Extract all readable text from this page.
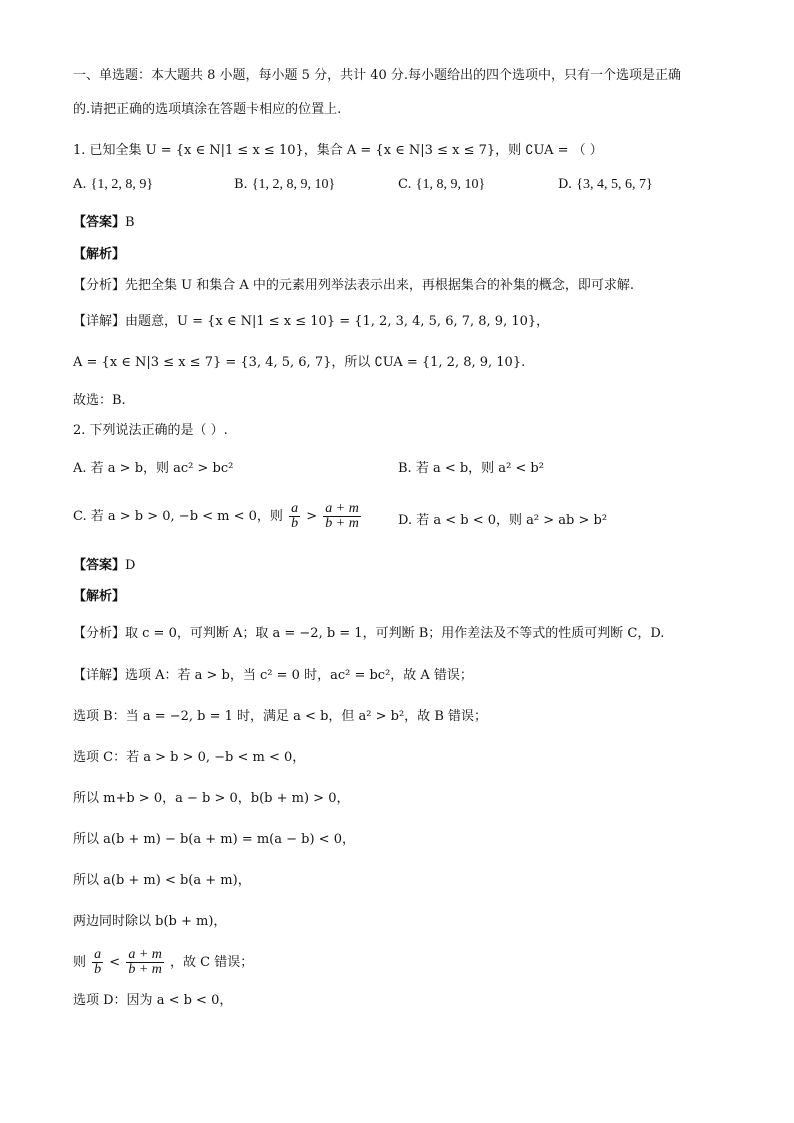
一、单选题：本大题共 8 小题，每小题 5 分，共计 40 分.每小题给出的四个选项中，只有一个选项是正确
的.请把正确的选项填涂在答题卡相应的位置上.
1. 已知全集 U = {x ∈ N|1 ≤ x ≤ 10}，集合 A = {x ∈ N|3 ≤ x ≤ 7}，则 ∁UA = （ ）
A. {1, 2, 8, 9}	B. {1, 2, 8, 9, 10}	C. {1, 8, 9, 10}	D. {3, 4, 5, 6, 7}
【答案】B
【解析】
【分析】先把全集 U 和集合 A 中的元素用列举法表示出来，再根据集合的补集的概念，即可求解.
【详解】由题意，U = {x ∈ N|1 ≤ x ≤ 10} = {1, 2, 3, 4, 5, 6, 7, 8, 9, 10}，
A = {x ∈ N|3 ≤ x ≤ 7} = {3, 4, 5, 6, 7}，所以 ∁UA = {1, 2, 8, 9, 10}.
故选：B.
2. 下列说法正确的是（ ）.
A. 若 a > b，则 ac² > bc²	B. 若 a < b，则 a² < b²
C. 若 a > b > 0, −b < m < 0，则 $\frac{a}{b} > \frac{a + m}{b + m}$	D. 若 a < b < 0，则 a² > ab > b²
【答案】D
【解析】
【分析】取 c = 0，可判断 A；取 a = −2, b = 1，可判断 B；用作差法及不等式的性质可判断 C，D.
【详解】选项 A：若 a > b，当 c² = 0 时，ac² = bc²，故 A 错误；
选项 B：当 a = −2, b = 1 时，满足 a < b，但 a² > b²，故 B 错误；
选项 C：若 a > b > 0, −b < m < 0，
所以 m+b > 0，a − b > 0，b(b + m) > 0，
所以 a(b + m) − b(a + m) = m(a − b) < 0，
所以 a(b + m) < b(a + m)，
两边同时除以 b(b + m)，
则 $\frac{a}{b} < \frac{a + m}{b + m}$ ，故 C 错误；
选项 D：因为 a < b < 0，
